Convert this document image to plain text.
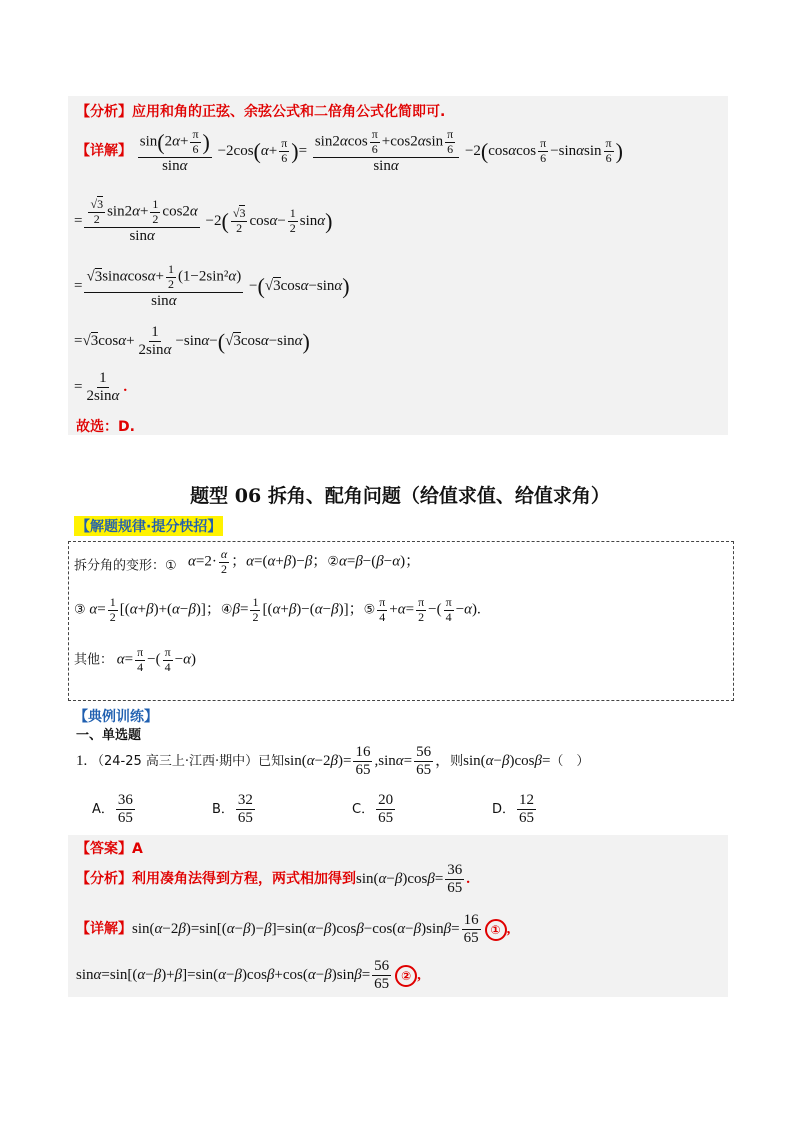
【分析】应用和角的正弦、余弦公式和二倍角公式化简即可.
【详解】 $\frac{\sin(2\alpha+ \frac{\pi}{6} )}{\sin\alpha} -2\cos(\alpha+ \frac{\pi}{6}$ )= $\frac{\sin 2\alpha\cos \frac{\pi}{6} +\cos 2\alpha\sin \frac{\pi}{6}}{\sin\alpha} -2(\cos\alpha\cos \frac{\pi}{6} -\sin\alpha\sin \frac{\pi}{6}$ )
= $\frac{\frac{√3}{2} \sin 2\alpha+ \frac{1}{2} \cos 2\alpha}{\sin\alpha} -2( \frac{√3}{2} \cos\alpha- \frac{1}{2} \sin\alpha)$
= $\frac{√3\sin\alpha\cos\alpha+ \frac{1}{2} (1-2\sin^2\alpha)}{\sin\alpha} -(√3\cos\alpha-\sin\alpha)$
$=√3\cos\alpha+ \frac{1}{2\sin\alpha} -\sin\alpha-(√3\cos\alpha-\sin\alpha)$
= $\frac{1}{2\sin\alpha}$ .
故选：D.
题型 06 拆角、配角问题（给值求值、给值求角）
【解题规律·提分快招】
拆分角的变形：① $\alpha=2\cdot \frac{\alpha}{2}$ ；α=(α+β)−β；②α=β−(β−α)；
③ $\alpha= \frac{1}{2} [(\alpha+\beta)+(\alpha-\beta)]$；④β= $\frac{1}{2} [(\alpha+\beta)-(\alpha-\beta)]$；⑤ $\frac{\pi}{4} +\alpha= \frac{\pi}{2}$ −( $\frac{\pi}{4} -\alpha$).
其他： $\alpha= \frac{\pi}{4}$ −( $\frac{\pi}{4} -\alpha$)
【典例训练】
一、单选题
1. （24-25 高三上·江西·期中）已知$\sin(\alpha-2\beta)= \frac{16}{65} ,\sin\alpha= \frac{56}{65}$ ，则sin(α−β)cosβ=（　）
A． $\frac{36}{65}$	B． $\frac{32}{65}$	C． $\frac{20}{65}$	D． $\frac{12}{65}$
【答案】A
【分析】利用凑角法得到方程，两式相加得到$\sin(\alpha-\beta)\cos\beta= \frac{36}{65}$ .
【详解】$\sin(\alpha-2\beta)=\sin[(\alpha-\beta)-\beta]=\sin(\alpha-\beta)\cos\beta-\cos(\alpha-\beta)\sin\beta= \frac{16}{65}$ ① ,
$\sin\alpha=\sin[(\alpha-\beta)+\beta]=\sin(\alpha-\beta)\cos\beta+\cos(\alpha-\beta)\sin\beta= \frac{56}{65}$ ② ,
